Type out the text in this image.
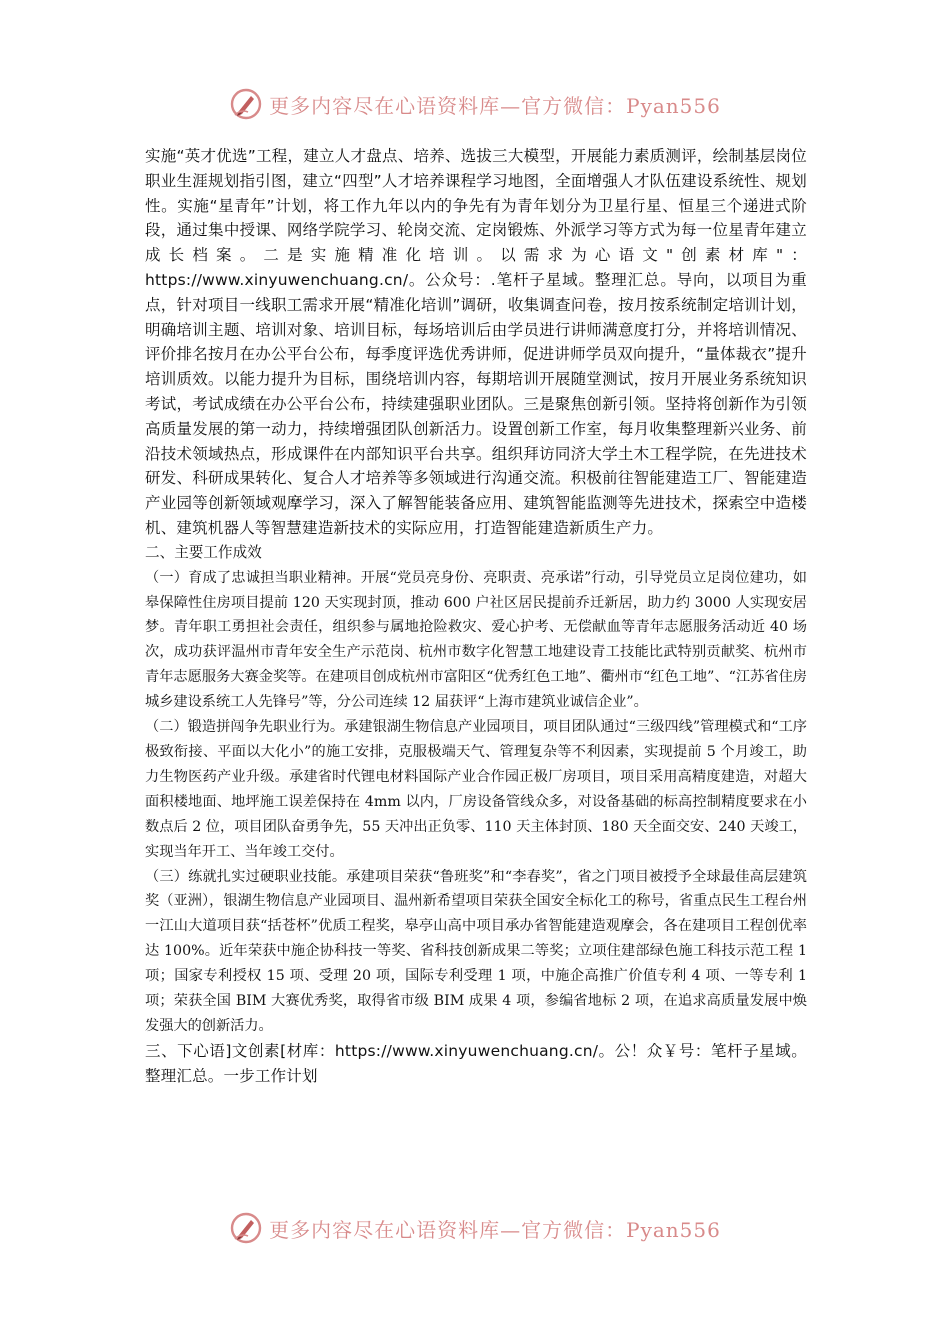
更多内容尽在心语资料库—官方微信：Pyan556

实施“英才优选”工程，建立人才盘点、培养、选拔三大模型，开展能力素质测评，绘制基层岗位职业生涯规划指引图，建立“四型”人才培养课程学习地图，全面增强人才队伍建设系统性、规划性。实施“星青年”计划，将工作九年以内的争先有为青年划分为卫星行星、恒星三个递进式阶段，通过集中授课、网络学院学习、轮岗交流、定岗锻炼、外派学习等方式为每一位星青年建立成长档案。二是实施精准化培训。以需求为心语文"创素材库"：https://www.xinyuwenchuang.cn/。公众号：.笔杆子星域。整理汇总。导向，以项目为重点，针对项目一线职工需求开展“精准化培训”调研，收集调查问卷，按月按系统制定培训计划，明确培训主题、培训对象、培训目标，每场培训后由学员进行讲师满意度打分，并将培训情况、评价排名按月在办公平台公布，每季度评选优秀讲师，促进讲师学员双向提升，“量体裁衣”提升培训质效。以能力提升为目标，围绕培训内容，每期培训开展随堂测试，按月开展业务系统知识考试，考试成绩在办公平台公布，持续建强职业团队。三是聚焦创新引领。坚持将创新作为引领高质量发展的第一动力，持续增强团队创新活力。设置创新工作室，每月收集整理新兴业务、前沿技术领域热点，形成课件在内部知识平台共享。组织拜访同济大学土木工程学院，在先进技术研发、科研成果转化、复合人才培养等多领域进行沟通交流。积极前往智能建造工厂、智能建造产业园等创新领域观摩学习，深入了解智能装备应用、建筑智能监测等先进技术，探索空中造楼机、建筑机器人等智慧建造新技术的实际应用，打造智能建造新质生产力。

二、主要工作成效

（一）育成了忠诚担当职业精神。开展“党员亮身份、亮职责、亮承诺”行动，引导党员立足岗位建功，如皋保障性住房项目提前 120 天实现封顶，推动 600 户社区居民提前乔迁新居，助力约 3000 人实现安居梦。青年职工勇担社会责任，组织参与属地抢险救灾、爱心护考、无偿献血等青年志愿服务活动近 40 场次，成功获评温州市青年安全生产示范岗、杭州市数字化智慧工地建设青工技能比武特别贡献奖、杭州市青年志愿服务大赛金奖等。在建项目创成杭州市富阳区“优秀红色工地”、衢州市“红色工地”、“江苏省住房城乡建设系统工人先锋号”等，分公司连续 12 届获评“上海市建筑业诚信企业”。

（二）锻造拼闯争先职业行为。承建银湖生物信息产业园项目，项目团队通过“三级四线”管理模式和“工序极致衔接、平面以大化小”的施工安排，克服极端天气、管理复杂等不利因素，实现提前 5 个月竣工，助力生物医药产业升级。承建省时代锂电材料国际产业合作园正极厂房项目，项目采用高精度建造，对超大面积楼地面、地坪施工误差保持在 4mm 以内，厂房设备管线众多，对设备基础的标高控制精度要求在小数点后 2 位，项目团队奋勇争先，55 天冲出正负零、110 天主体封顶、180 天全面交安、240 天竣工，实现当年开工、当年竣工交付。

（三）练就扎实过硬职业技能。承建项目荣获“鲁班奖”和“李春奖”，省之门项目被授予全球最佳高层建筑奖（亚洲），银湖生物信息产业园项目、温州新希望项目荣获全国安全标化工的称号，省重点民生工程台州一江山大道项目获“括苍杯”优质工程奖，皋亭山高中项目承办省智能建造观摩会，各在建项目工程创优率达 100%。近年荣获中施企协科技一等奖、省科技创新成果二等奖；立项住建部绿色施工科技示范工程 1 项；国家专利授权 15 项、受理 20 项，国际专利受理 1 项，中施企高推广价值专利 4 项、一等专利 1 项；荣获全国 BIM 大赛优秀奖，取得省市级 BIM 成果 4 项，参编省地标 2 项，在追求高质量发展中焕发强大的创新活力。

三、下心语]文创素[材库：https://www.xinyuwenchuang.cn/。公！众￥号：笔杆子星域。整理汇总。一步工作计划

更多内容尽在心语资料库—官方微信：Pyan556
